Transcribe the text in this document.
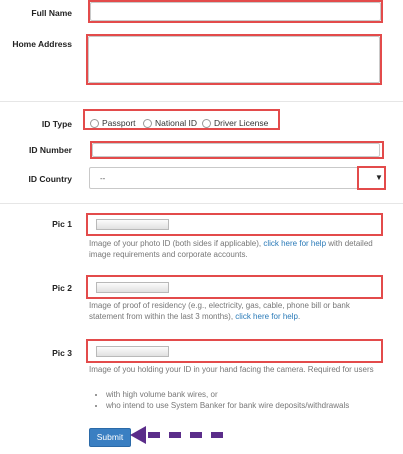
Full Name
Home Address
ID Type	Passport	National ID	Driver License
ID Number
ID Country	--	▼
Pic 1
Image of your photo ID (both sides if applicable), click here for help with detailed image requirements and corporate accounts.
Pic 2
Image of proof of residency (e.g., electricity, gas, cable, phone bill or bank statement from within the last 3 months), click here for help.
Pic 3
Image of you holding your ID in your hand facing the camera. Required for users
• with high volume bank wires, or
• who intend to use System Banker for bank wire deposits/withdrawals
Submit
